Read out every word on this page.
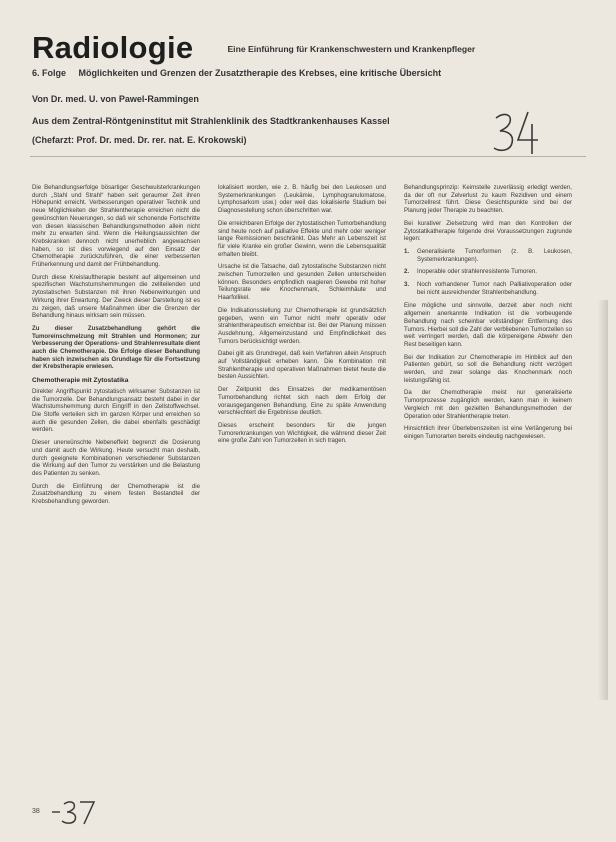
Radiologie	Eine Einführung für Krankenschwestern und Krankenpfleger
6. Folge Möglichkeiten und Grenzen der Zusatztherapie des Krebses, eine kritische Übersicht
Von Dr. med. U. von Pawel-Rammingen
Aus dem Zentral-Röntgeninstitut mit Strahlenklinik des Stadtkrankenhauses Kassel
(Chefarzt: Prof. Dr. med. Dr. rer. nat. E. Krokowski)

Die Behandlungserfolge bösartiger Geschwulsterkrankungen durch „Stahl und Strahl“ haben seit geraumer Zeit ihren Höhepunkt erreicht. Verbesserungen operativer Technik und neue Möglichkeiten der Strahlentherapie erreichen nicht die gewünschten Neuerungen, so daß wir schonende Fortschritte von diesen klassischen Behandlungsmethoden allein nicht mehr zu erwarten sind. Wenn die Heilungsaussichten der Krebskranken dennoch nicht unerheblich angewachsen haben, so ist dies vorwiegend auf den Einsatz der Chemotherapie zurückzuführen, die einer verbesserten Früherkennung und damit der Frühbehandlung.

Durch diese Kreislauftherapie besteht auf allgemeinen und spezifischen Wachstumshemmungen die zellteilenden und zytostatischen Substanzen mit ihren Nebenwirkungen und Wirkung ihrer Erwartung. Der Zweck dieser Darstellung ist es zu zeigen, daß unsere Maßnahmen über die Grenzen der Behandlung hinaus wirksam sein müssen.

Zu dieser Zusatzbehandlung gehört die Tumoreinschmelzung mit Strahlen und Hormonen; zur Verbesserung der Operations- und Strahlenresultate dient auch die Chemotherapie. Die Erfolge dieser Behandlung haben sich inzwischen als Grundlage für die Fortsetzung der Krebstherapie erwiesen.

Chemotherapie mit Zytostatika

Direkter Angriffspunkt zytostatisch wirksamer Substanzen ist die Tumorzelle. Der Behandlungsansatz besteht dabei in der Wachstumshemmung durch Eingriff in den Zellstoffwechsel. Die Stoffe verteilen sich im ganzen Körper und erreichen so auch die gesunden Zellen, die dabei ebenfalls geschädigt werden.

Dieser unerwünschte Nebeneffekt begrenzt die Dosierung und damit auch die Wirkung. Heute versucht man deshalb, durch geeignete Kombinationen verschiedener Substanzen die Wirkung auf den Tumor zu verstärken und die Belastung des Patienten zu senken.

Durch die Einführung der Chemotherapie ist die Zusatzbehandlung zu einem festen Bestandteil der Krebsbehandlung geworden.

lokalisiert worden, wie z. B. häufig bei den Leukosen und Systemerkrankungen (Leukämie, Lymphogranulomatose, Lymphosarkom usw.) oder weil das lokalisierte Stadium bei Diagnosestellung schon überschritten war.

Die erreichbaren Erfolge der zytostatischen Tumorbehandlung sind heute noch auf palliative Effekte und mehr oder weniger lange Remissionen beschränkt. Das Mehr an Lebenszeit ist für viele Kranke ein großer Gewinn, wenn die Lebensqualität erhalten bleibt.

Ursache ist die Tatsache, daß zytostatische Substanzen nicht zwischen Tumorzellen und gesunden Zellen unterscheiden können. Besonders empfindlich reagieren Gewebe mit hoher Teilungsrate wie Knochenmark, Schleimhäute und Haarfollikel.

Die Indikationsstellung zur Chemotherapie ist grundsätzlich gegeben, wenn ein Tumor nicht mehr operativ oder strahlentherapeutisch erreichbar ist. Bei der Planung müssen Ausdehnung, Allgemeinzustand und Empfindlichkeit des Tumors berücksichtigt werden.

Dabei gilt als Grundregel, daß kein Verfahren allein Anspruch auf Vollständigkeit erheben kann. Die Kombination mit Strahlentherapie und operativen Maßnahmen bietet heute die besten Aussichten.

Der Zeitpunkt des Einsatzes der medikamentösen Tumorbehandlung richtet sich nach dem Erfolg der vorausgegangenen Behandlung. Eine zu späte Anwendung verschlechtert die Ergebnisse deutlich.

Dieses erscheint besonders für die jungen Tumorerkrankungen von Wichtigkeit, die während dieser Zeit eine große Zahl von Tumorzellen in sich tragen.

Behandlungsprinzip: Keimstelle zuverlässig erledigt werden, da der oft nur Zelverlust zu kaum Rezidiven und einem Tumorzellrest führt. Diese Gesichtspunkte sind bei der Planung jeder Therapie zu beachten.

Bei kurativer Zielsetzung wird man den Kontrollen der Zytostatikatherapie folgende drei Voraussetzungen zugrunde legen:

1.	Generalisierte Tumorformen (z. B. Leukosen, Systemerkrankungen).
2.	Inoperable oder strahlenresistente Tumoren.
3.	Noch vorhandener Tumor nach Palliativoperation oder bei nicht ausreichender Strahlenbehandlung.

Eine mögliche und sinnvolle, derzeit aber noch nicht allgemein anerkannte Indikation ist die vorbeugende Behandlung nach scheinbar vollständiger Entfernung des Tumors. Hierbei soll die Zahl der verbliebenen Tumorzellen so weit verringert werden, daß die körpereigene Abwehr den Rest beseitigen kann.

Bei der Indikation zur Chemotherapie im Hinblick auf den Patienten gebürt, so soll die Behandlung nicht verzögert werden, und zwar solange das Knochenmark noch leistungsfähig ist.

Da der Chemotherapie meist nur generalisierte Tumorprozesse zugänglich werden, kann man in keinem Vergleich mit den gezielten Behandlungsmethoden der Operation oder Strahlentherapie treten.

Hinsichtlich ihrer Überlebenszeiten ist eine Verlängerung bei einigen Tumorarten bereits eindeutig nachgewiesen.

38
